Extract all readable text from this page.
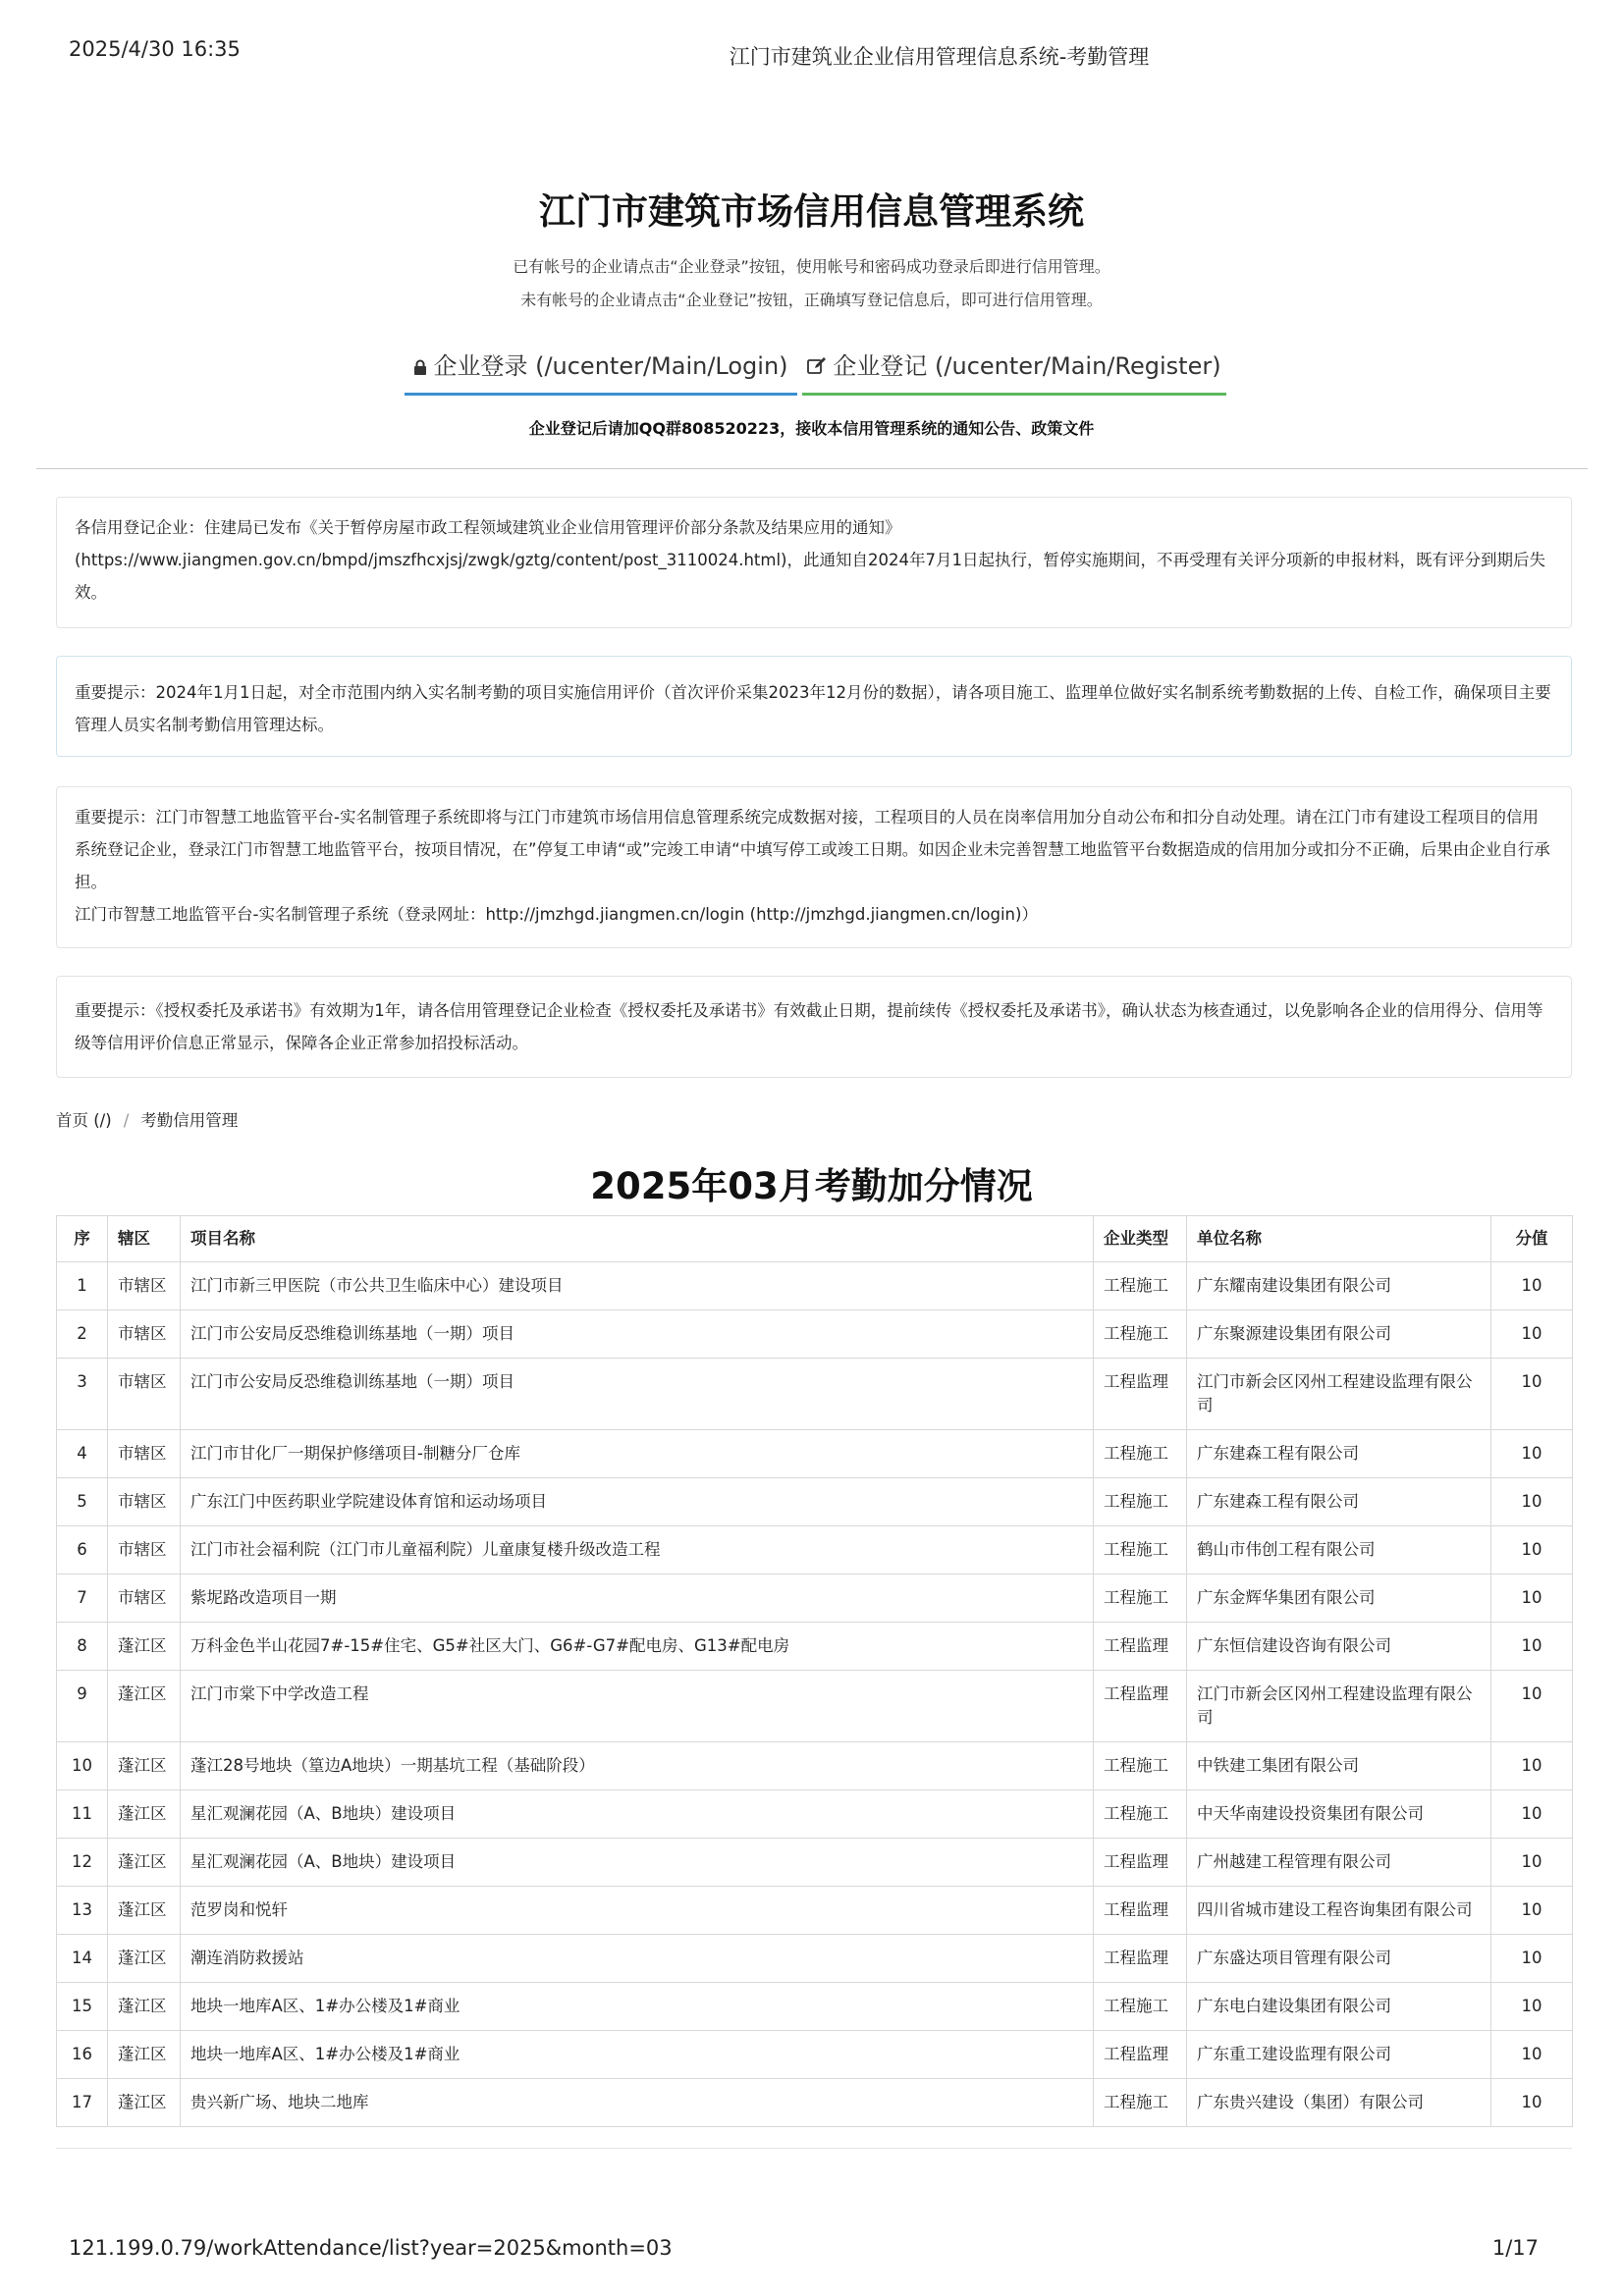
2025/4/30 16:35	江门市建筑业企业信用管理信息系统-考勤管理
江门市建筑市场信用信息管理系统
已有帐号的企业请点击“企业登录”按钮，使用帐号和密码成功登录后即进行信用管理。
未有帐号的企业请点击“企业登记”按钮，正确填写登记信息后，即可进行信用管理。
企业登录 (/ucenter/Main/Login)	企业登记 (/ucenter/Main/Register)
企业登记后请加QQ群808520223，接收本信用管理系统的通知公告、政策文件

各信用登记企业：住建局已发布《关于暂停房屋市政工程领域建筑业企业信用管理评价部分条款及结果应用的通知》(https://www.jiangmen.gov.cn/bmpd/jmszfhcxjsj/zwgk/gztg/content/post_3110024.html)，此通知自2024年7月1日起执行，暂停实施期间，不再受理有关评分项新的申报材料，既有评分到期后失效。

重要提示：2024年1月1日起，对全市范围内纳入实名制考勤的项目实施信用评价（首次评价采集2023年12月份的数据），请各项目施工、监理单位做好实名制系统考勤数据的上传、自检工作，确保项目主要管理人员实名制考勤信用管理达标。

重要提示：江门市智慧工地监管平台-实名制管理子系统即将与江门市建筑市场信用信息管理系统完成数据对接，工程项目的人员在岗率信用加分自动公布和扣分自动处理。请在江门市有建设工程项目的信用系统登记企业，登录江门市智慧工地监管平台，按项目情况，在”停复工申请“或”完竣工申请“中填写停工或竣工日期。如因企业未完善智慧工地监管平台数据造成的信用加分或扣分不正确，后果由企业自行承担。

江门市智慧工地监管平台-实名制管理子系统（登录网址：http://jmzhgd.jiangmen.cn/login (http://jmzhgd.jiangmen.cn/login)）

重要提示：《授权委托及承诺书》有效期为1年，请各信用管理登记企业检查《授权委托及承诺书》有效截止日期，提前续传《授权委托及承诺书》，确认状态为核查通过，以免影响各企业的信用得分、信用等级等信用评价信息正常显示，保障各企业正常参加招投标活动。

首页 (/) / 考勤信用管理
2025年03月考勤加分情况
序	辖区	项目名称	企业类型	单位名称	分值
1	市辖区	江门市新三甲医院（市公共卫生临床中心）建设项目	工程施工	广东耀南建设集团有限公司	10
2	市辖区	江门市公安局反恐维稳训练基地（一期）项目	工程施工	广东聚源建设集团有限公司	10
3	市辖区	江门市公安局反恐维稳训练基地（一期）项目	工程监理	江门市新会区冈州工程建设监理有限公司	10
4	市辖区	江门市甘化厂一期保护修缮项目-制糖分厂仓库	工程施工	广东建森工程有限公司	10
5	市辖区	广东江门中医药职业学院建设体育馆和运动场项目	工程施工	广东建森工程有限公司	10
6	市辖区	江门市社会福利院（江门市儿童福利院）儿童康复楼升级改造工程	工程施工	鹤山市伟创工程有限公司	10
7	市辖区	紫坭路改造项目一期	工程施工	广东金辉华集团有限公司	10
8	蓬江区	万科金色半山花园7#-15#住宅、G5#社区大门、G6#-G7#配电房、G13#配电房	工程监理	广东恒信建设咨询有限公司	10
9	蓬江区	江门市棠下中学改造工程	工程监理	江门市新会区冈州工程建设监理有限公司	10
10	蓬江区	蓬江28号地块（篁边A地块）一期基坑工程（基础阶段）	工程施工	中铁建工集团有限公司	10
11	蓬江区	星汇观澜花园（A、B地块）建设项目	工程施工	中天华南建设投资集团有限公司	10
12	蓬江区	星汇观澜花园（A、B地块）建设项目	工程监理	广州越建工程管理有限公司	10
13	蓬江区	范罗岗和悦轩	工程监理	四川省城市建设工程咨询集团有限公司	10
14	蓬江区	潮连消防救援站	工程监理	广东盛达项目管理有限公司	10
15	蓬江区	地块一地库A区、1#办公楼及1#商业	工程施工	广东电白建设集团有限公司	10
16	蓬江区	地块一地库A区、1#办公楼及1#商业	工程监理	广东重工建设监理有限公司	10
17	蓬江区	贵兴新广场、地块二地库	工程施工	广东贵兴建设（集团）有限公司	10
121.199.0.79/workAttendance/list?year=2025&month=03	1/17
